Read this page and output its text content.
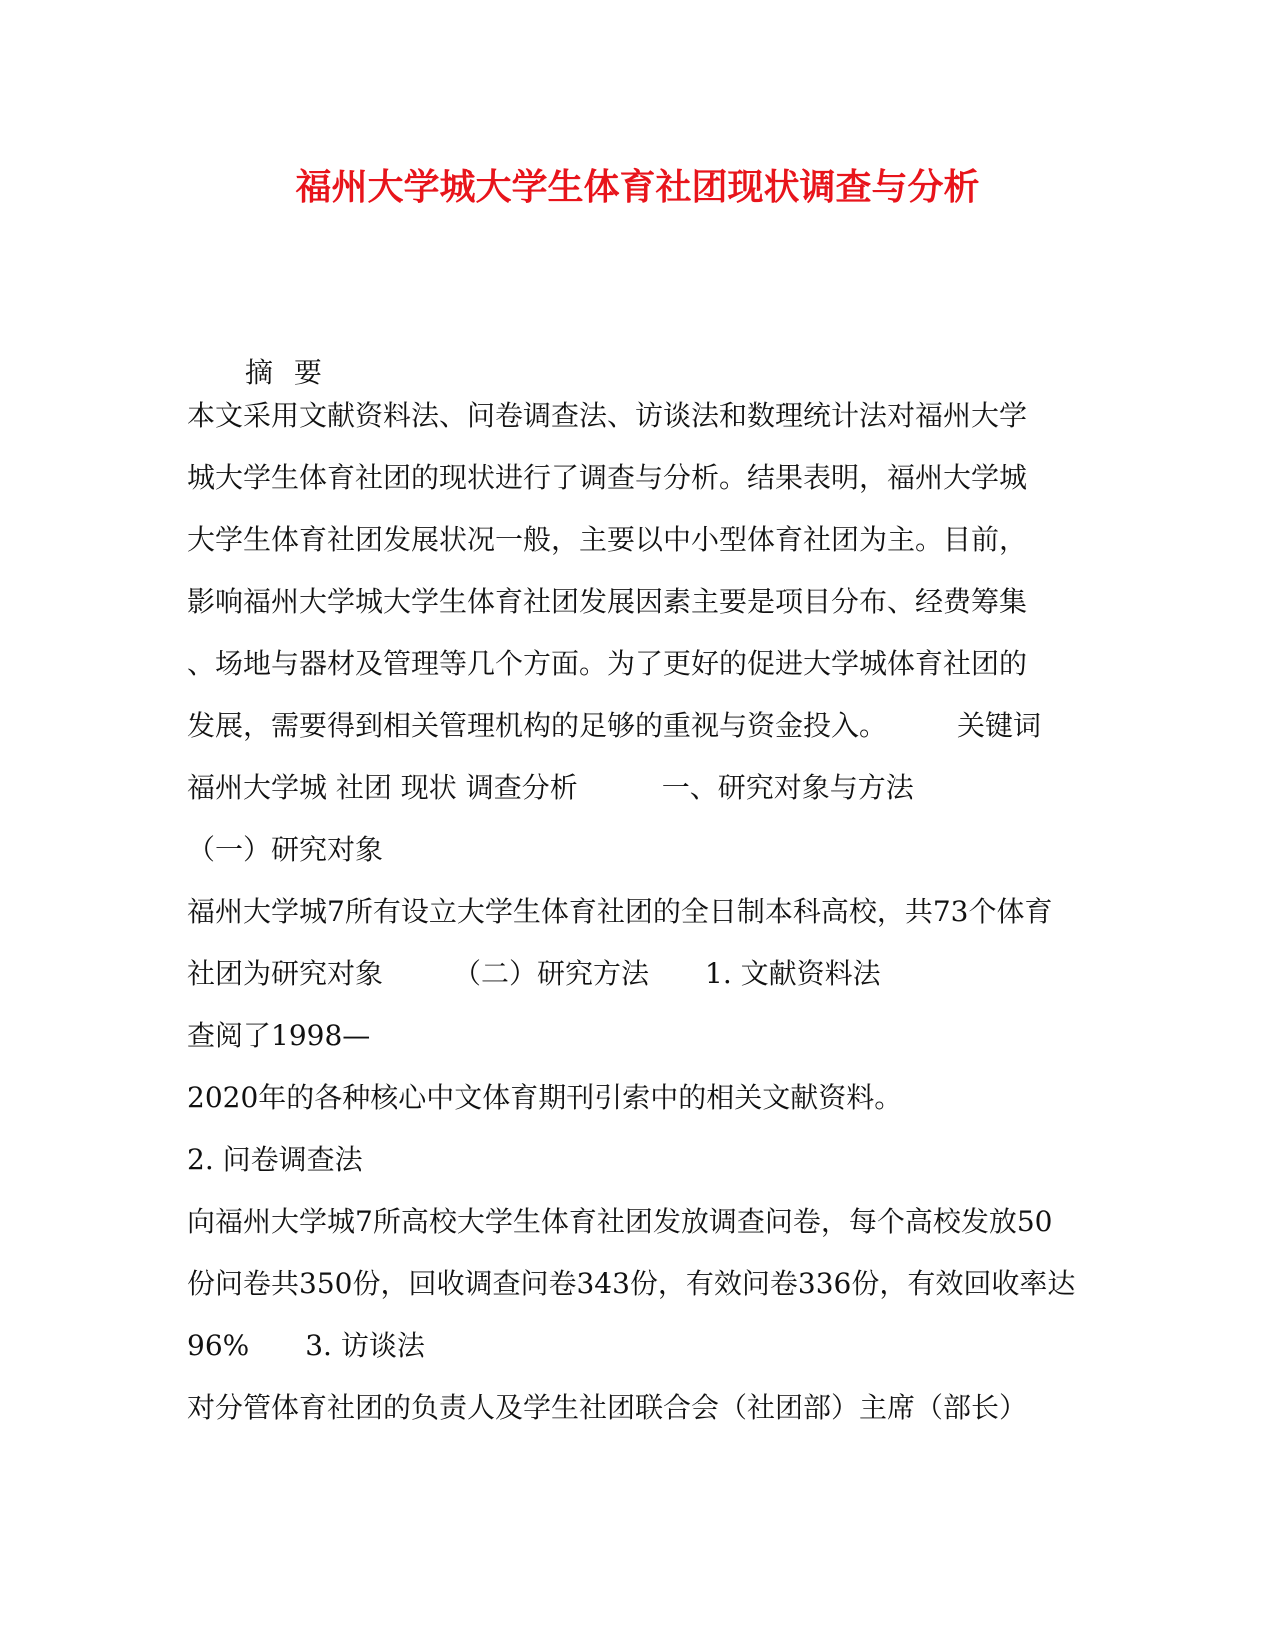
福州大学城大学生体育社团现状调查与分析
摘 要
本文采用文献资料法、问卷调查法、访谈法和数理统计法对福州大学
城大学生体育社团的现状进行了调查与分析。结果表明，福州大学城
大学生体育社团发展状况一般，主要以中小型体育社团为主。目前，
影响福州大学城大学生体育社团发展因素主要是项目分布、经费筹集
、场地与器材及管理等几个方面。为了更好的促进大学城体育社团的
发展，需要得到相关管理机构的足够的重视与资金投入。　　　关键词
福州大学城 社团 现状 调查分析　　　一、研究对象与方法
（一）研究对象
福州大学城7所有设立大学生体育社团的全日制本科高校，共73个体育
社团为研究对象　　　（二）研究方法　　1. 文献资料法
查阅了1998—
2020年的各种核心中文体育期刊引索中的相关文献资料。
2. 问卷调查法
向福州大学城7所高校大学生体育社团发放调查问卷，每个高校发放50
份问卷共350份，回收调查问卷343份，有效问卷336份，有效回收率达
96%　　3. 访谈法
对分管体育社团的负责人及学生社团联合会（社团部）主席（部长）
